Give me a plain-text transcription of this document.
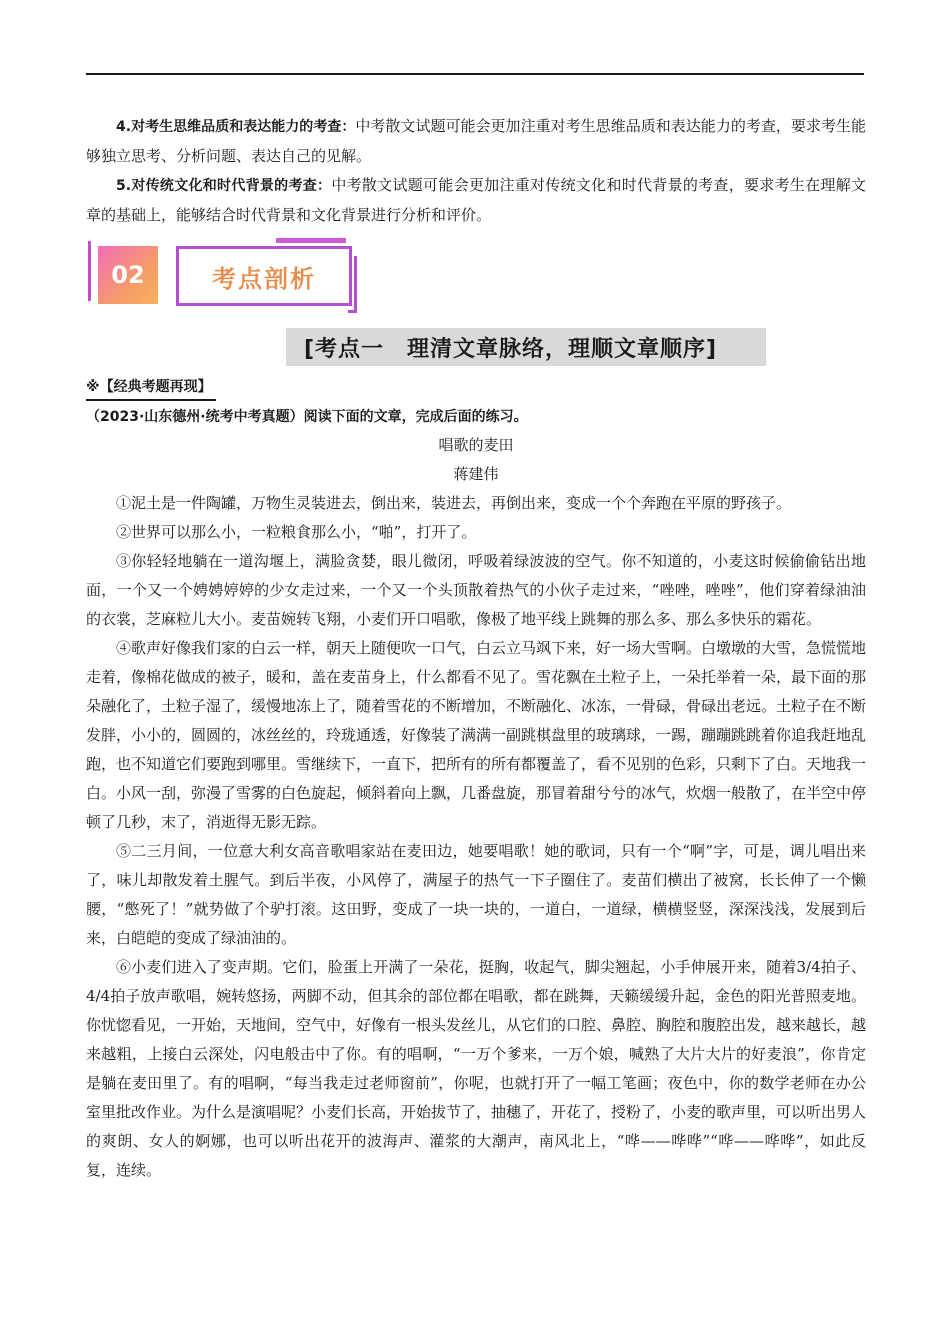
4.对考生思维品质和表达能力的考查：中考散文试题可能会更加注重对考生思维品质和表达能力的考查，要求考生能够独立思考、分析问题、表达自己的见解。

5.对传统文化和时代背景的考查：中考散文试题可能会更加注重对传统文化和时代背景的考查，要求考生在理解文章的基础上，能够结合时代背景和文化背景进行分析和评价。

02	考点剖析
[考点一　理清文章脉络，理顺文章顺序]
※【经典考题再现】
（2023·山东德州·统考中考真题）阅读下面的文章，完成后面的练习。
唱歌的麦田
蒋建伟

①泥土是一件陶罐，万物生灵装进去，倒出来，装进去，再倒出来，变成一个个奔跑在平原的野孩子。

②世界可以那么小，一粒粮食那么小，“啪”，打开了。

③你轻轻地躺在一道沟堰上，满脸贪婪，眼儿微闭，呼吸着绿波波的空气。你不知道的，小麦这时候偷偷钻出地面，一个又一个娉娉婷婷的少女走过来，一个又一个头顶散着热气的小伙子走过来，“唑唑，唑唑”，他们穿着绿油油的衣裳，芝麻粒儿大小。麦苗婉转飞翔，小麦们开口唱歌，像极了地平线上跳舞的那么多、那么多快乐的霜花。

④歌声好像我们家的白云一样，朝天上随便吹一口气，白云立马飒下来，好一场大雪啊。白墩墩的大雪，急慌慌地走着，像棉花做成的被子，暖和，盖在麦苗身上，什么都看不见了。雪花飘在土粒子上，一朵托举着一朵，最下面的那朵融化了，土粒子湿了，缓慢地冻上了，随着雪花的不断增加，不断融化、冰冻，一骨碌，骨碌出老远。土粒子在不断发胖，小小的，圆圆的，冰丝丝的，玲珑通透，好像装了满满一副跳棋盘里的玻璃球，一踢，蹦蹦跳跳着你追我赶地乱跑，也不知道它们要跑到哪里。雪继续下，一直下，把所有的所有都覆盖了，看不见别的色彩，只剩下了白。天地我一白。小风一刮，弥漫了雪雾的白色旋起，倾斜着向上飘，几番盘旋，那冒着甜兮兮的冰气，炊烟一般散了，在半空中停顿了几秒，末了，消逝得无影无踪。

⑤二三月间，一位意大利女高音歌唱家站在麦田边，她要唱歌！她的歌词，只有一个“啊”字，可是，调儿唱出来了，味儿却散发着土腥气。到后半夜，小风停了，满屋子的热气一下子圈住了。麦苗们横出了被窝，长长伸了一个懒腰，“憋死了！”就势做了个驴打滚。这田野，变成了一块一块的，一道白，一道绿，横横竖竖，深深浅浅，发展到后来，白皑皑的变成了绿油油的。

⑥小麦们进入了变声期。它们，脸蛋上开满了一朵花，挺胸，收起气，脚尖翘起，小手伸展开来，随着3/4拍子、4/4拍子放声歌唱，婉转悠扬，两脚不动，但其余的部位都在唱歌，都在跳舞，天籁缓缓升起，金色的阳光普照麦地。你忧惚看见，一开始，天地间，空气中，好像有一根头发丝儿，从它们的口腔、鼻腔、胸腔和腹腔出发，越来越长，越来越粗，上接白云深处，闪电般击中了你。有的唱啊，“一万个爹来，一万个娘，喊熟了大片大片的好麦浪”，你肯定是躺在麦田里了。有的唱啊，“每当我走过老师窗前”，你呢，也就打开了一幅工笔画；夜色中，你的数学老师在办公室里批改作业。为什么是演唱呢？小麦们长高，开始拔节了，抽穗了，开花了，授粉了，小麦的歌声里，可以听出男人的爽朗、女人的婀娜，也可以听出花开的波海声、灌浆的大潮声，南风北上，“哗——哗哗”“哗——哗哗”，如此反复，连续。
